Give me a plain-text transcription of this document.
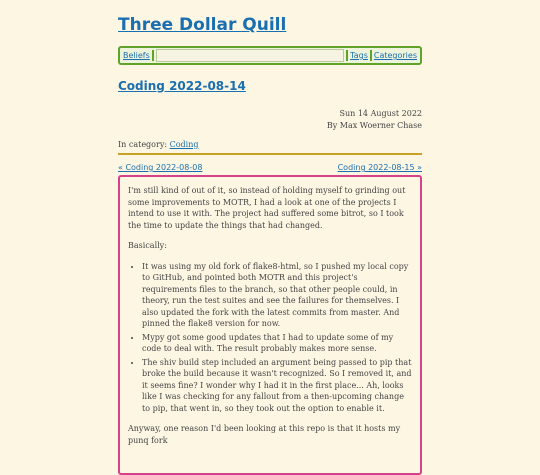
Three Dollar Quill
Beliefs	Tags Categories
Coding 2022-08-14
Sun 14 August 2022
By Max Woerner Chase
In category: Coding
« Coding 2022-08-08	Coding 2022-08-15 »

I'm still kind of out of it, so instead of holding myself to grinding out some improvements to MOTR, I had a look at one of the projects I intend to use it with. The project had suffered some bitrot, so I took the time to update the things that had changed.

Basically:

• It was using my old fork of flake8-html, so I pushed my local copy to GitHub, and pointed both MOTR and this project's requirements files to the branch, so that other people could, in theory, run the test suites and see the failures for themselves. I also updated the fork with the latest commits from master. And pinned the flake8 version for now.
• Mypy got some good updates that I had to update some of my code to deal with. The result probably makes more sense.
• The shiv build step included an argument being passed to pip that broke the build because it wasn't recognized. So I removed it, and it seems fine? I wonder why I had it in the first place... Ah, looks like I was checking for any fallout from a then-upcoming change to pip, that went in, so they took out the option to enable it.

Anyway, one reason I'd been looking at this repo is that it hosts my punq fork
